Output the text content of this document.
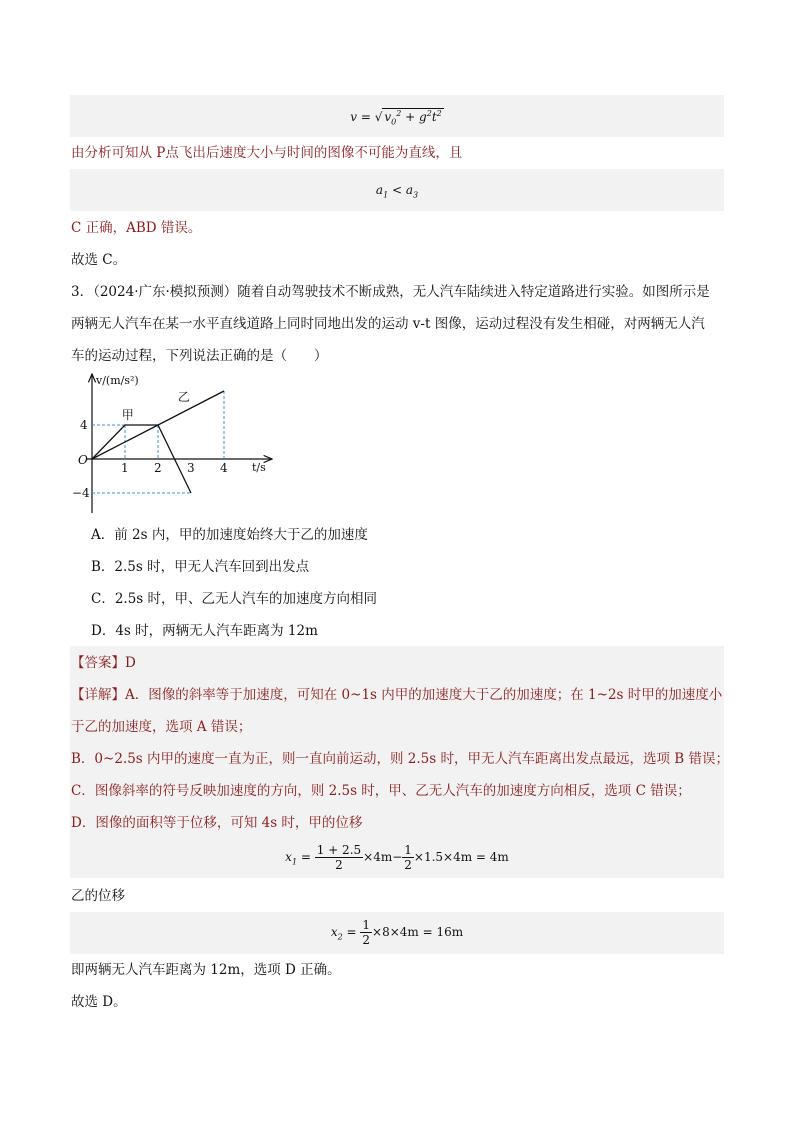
v = √ $v_0^2 + g^2t^2$
由分析可知从 P点飞出后速度大小与时间的图像不可能为直线，且
$a_1 < a_3$
C 正确，ABD 错误。
故选 C。
3．（2024·广东·模拟预测）随着自动驾驶技术不断成熟，无人汽车陆续进入特定道路进行实验。如图所示是
两辆无人汽车在某一水平直线道路上同时同地出发的运动 v-t 图像，运动过程没有发生相碰，对两辆无人汽
车的运动过程，下列说法正确的是（　　）
甲
乙
1 2 3 4
4
−4
O
v/(m/s²)
t/s
A．前 2s 内，甲的加速度始终大于乙的加速度
B．2.5s 时，甲无人汽车回到出发点
C．2.5s 时，甲、乙无人汽车的加速度方向相同
D．4s 时，两辆无人汽车距离为 12m
【答案】D
【详解】A．图像的斜率等于加速度，可知在 0~1s 内甲的加速度大于乙的加速度；在 1~2s 时甲的加速度小
于乙的加速度，选项 A 错误；
B．0~2.5s 内甲的速度一直为正，则一直向前运动，则 2.5s 时，甲无人汽车距离出发点最远，选项 B 错误；
C．图像斜率的符号反映加速度的方向，则 2.5s 时，甲、乙无人汽车的加速度方向相反，选项 C 错误；
D．图像的面积等于位移，可知 4s 时，甲的位移
$x_1 = \frac{1 + 2.5}{2} \times 4m- \frac{1}{2} \times 1.5\times 4m = 4m$
乙的位移
$x_2 = \frac{1}{2} \times 8\times 4m = 16m$
即两辆无人汽车距离为 12m，选项 D 正确。
故选 D。
